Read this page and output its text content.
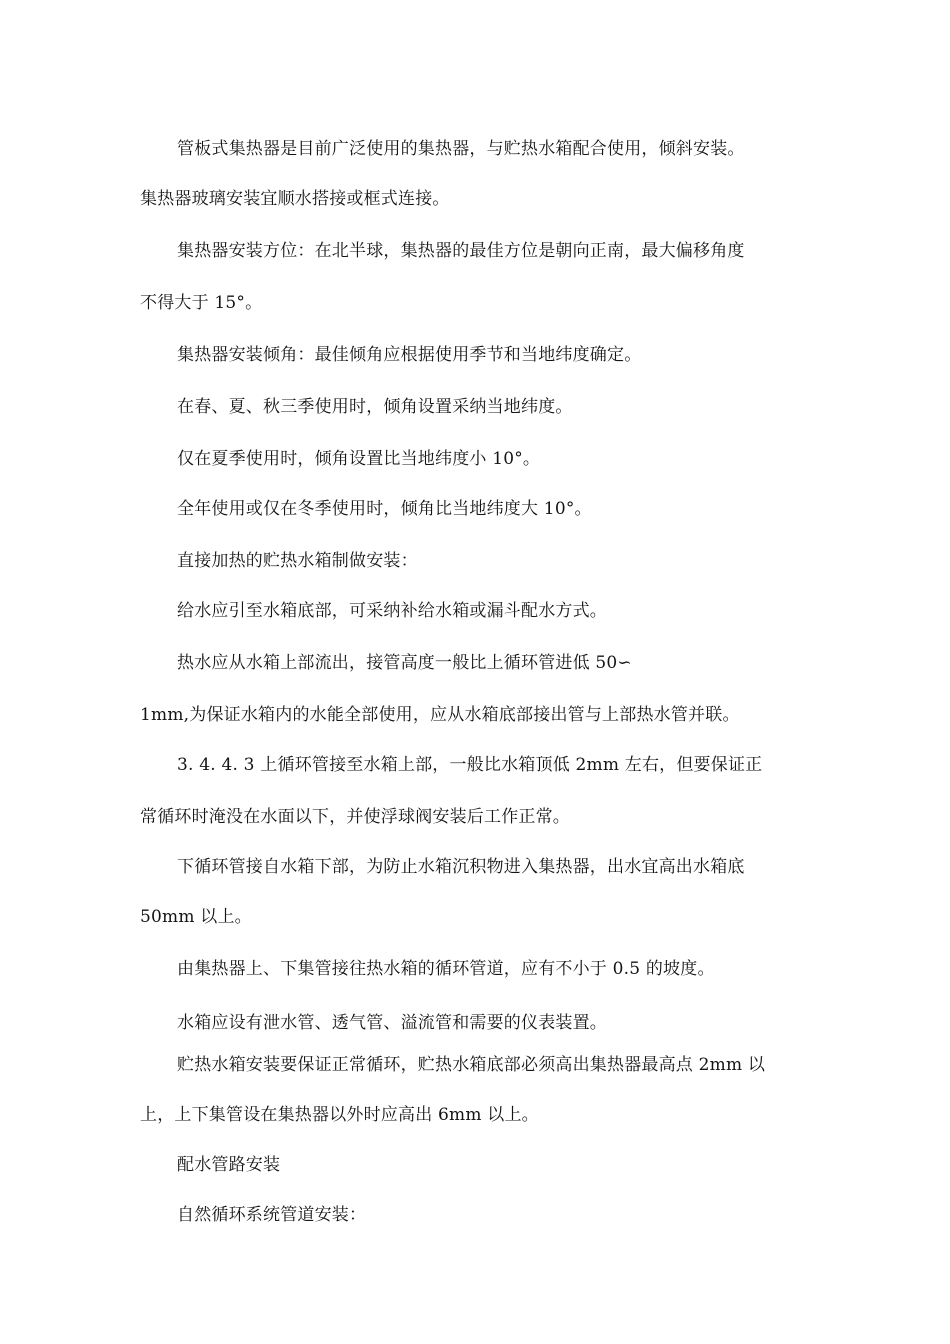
管板式集热器是目前广泛使用的集热器，与贮热水箱配合使用，倾斜安装。
集热器玻璃安装宜顺水搭接或框式连接。
集热器安装方位：在北半球，集热器的最佳方位是朝向正南，最大偏移角度
不得大于 15°。
集热器安装倾角：最佳倾角应根据使用季节和当地纬度确定。
在春、夏、秋三季使用时，倾角设置采纳当地纬度。
仅在夏季使用时，倾角设置比当地纬度小 10°。
全年使用或仅在冬季使用时，倾角比当地纬度大 10°。
直接加热的贮热水箱制做安装：
给水应引至水箱底部，可采纳补给水箱或漏斗配水方式。
热水应从水箱上部流出，接管高度一般比上循环管进低 50∽
1mm,为保证水箱内的水能全部使用，应从水箱底部接出管与上部热水管并联。
3. 4. 4. 3 上循环管接至水箱上部，一般比水箱顶低 2mm 左右，但要保证正
常循环时淹没在水面以下，并使浮球阀安装后工作正常。
下循环管接自水箱下部，为防止水箱沉积物进入集热器，出水宜高出水箱底
50mm 以上。
由集热器上、下集管接往热水箱的循环管道，应有不小于 0.5 的坡度。
水箱应设有泄水管、透气管、溢流管和需要的仪表装置。
贮热水箱安装要保证正常循环，贮热水箱底部必须高出集热器最高点 2mm 以
上，上下集管设在集热器以外时应高出 6mm 以上。
配水管路安装
自然循环系统管道安装：
